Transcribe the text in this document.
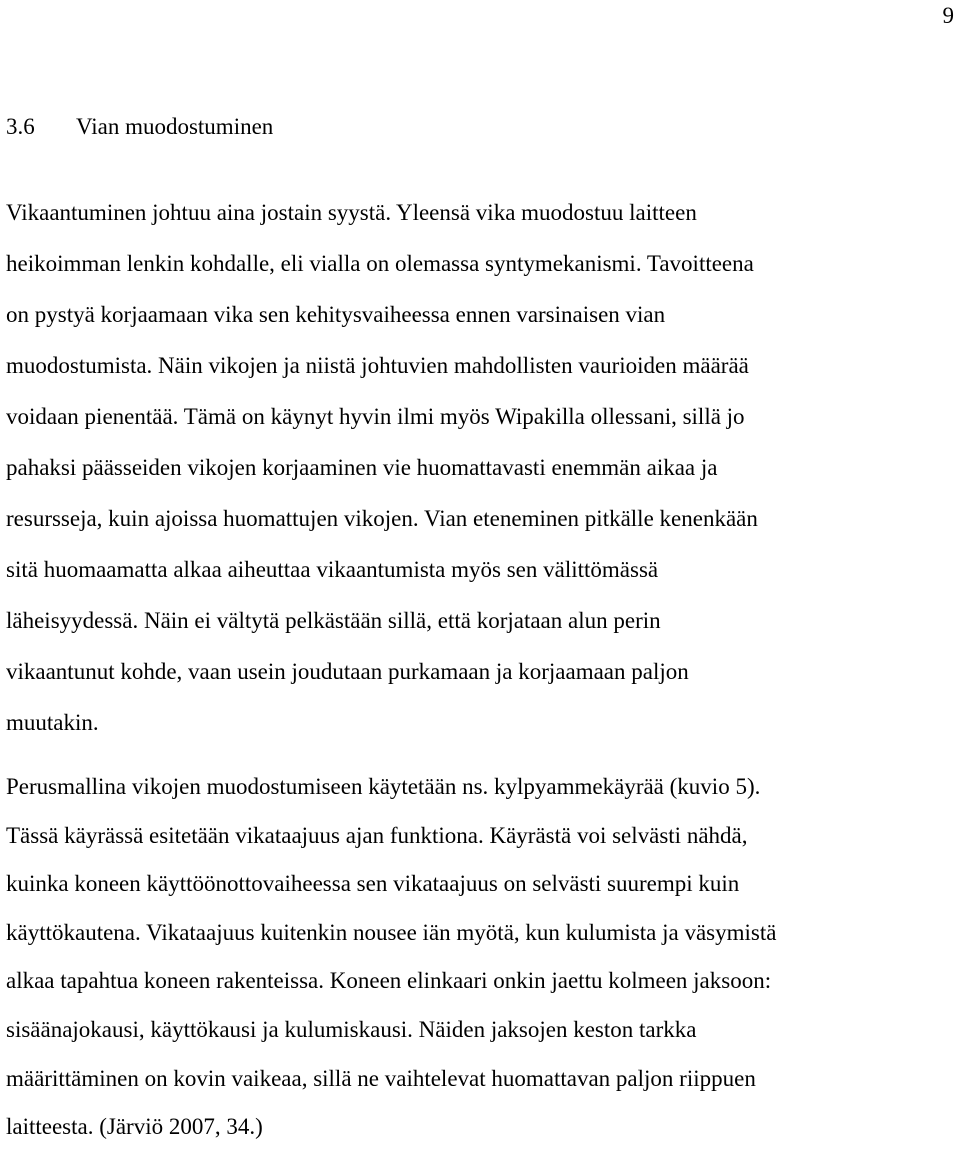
9
3.6 Vian muodostuminen

Vikaantuminen johtuu aina jostain syystä. Yleensä vika muodostuu laitteen
heikoimman lenkin kohdalle, eli vialla on olemassa syntymekanismi. Tavoitteena
on pystyä korjaamaan vika sen kehitysvaiheessa ennen varsinaisen vian
muodostumista. Näin vikojen ja niistä johtuvien mahdollisten vaurioiden määrää
voidaan pienentää. Tämä on käynyt hyvin ilmi myös Wipakilla ollessani, sillä jo
pahaksi päässeiden vikojen korjaaminen vie huomattavasti enemmän aikaa ja
resursseja, kuin ajoissa huomattujen vikojen. Vian eteneminen pitkälle kenenkään
sitä huomaamatta alkaa aiheuttaa vikaantumista myös sen välittömässä
läheisyydessä. Näin ei vältytä pelkästään sillä, että korjataan alun perin
vikaantunut kohde, vaan usein joudutaan purkamaan ja korjaamaan paljon
muutakin.

Perusmallina vikojen muodostumiseen käytetään ns. kylpyammekäyrää (kuvio 5).
Tässä käyrässä esitetään vikataajuus ajan funktiona. Käyrästä voi selvästi nähdä,
kuinka koneen käyttöönottovaiheessa sen vikataajuus on selvästi suurempi kuin
käyttökautena. Vikataajuus kuitenkin nousee iän myötä, kun kulumista ja väsymistä
alkaa tapahtua koneen rakenteissa. Koneen elinkaari onkin jaettu kolmeen jaksoon:
sisäänajokausi, käyttökausi ja kulumiskausi. Näiden jaksojen keston tarkka
määrittäminen on kovin vaikeaa, sillä ne vaihtelevat huomattavan paljon riippuen
laitteesta. (Järviö 2007, 34.)
